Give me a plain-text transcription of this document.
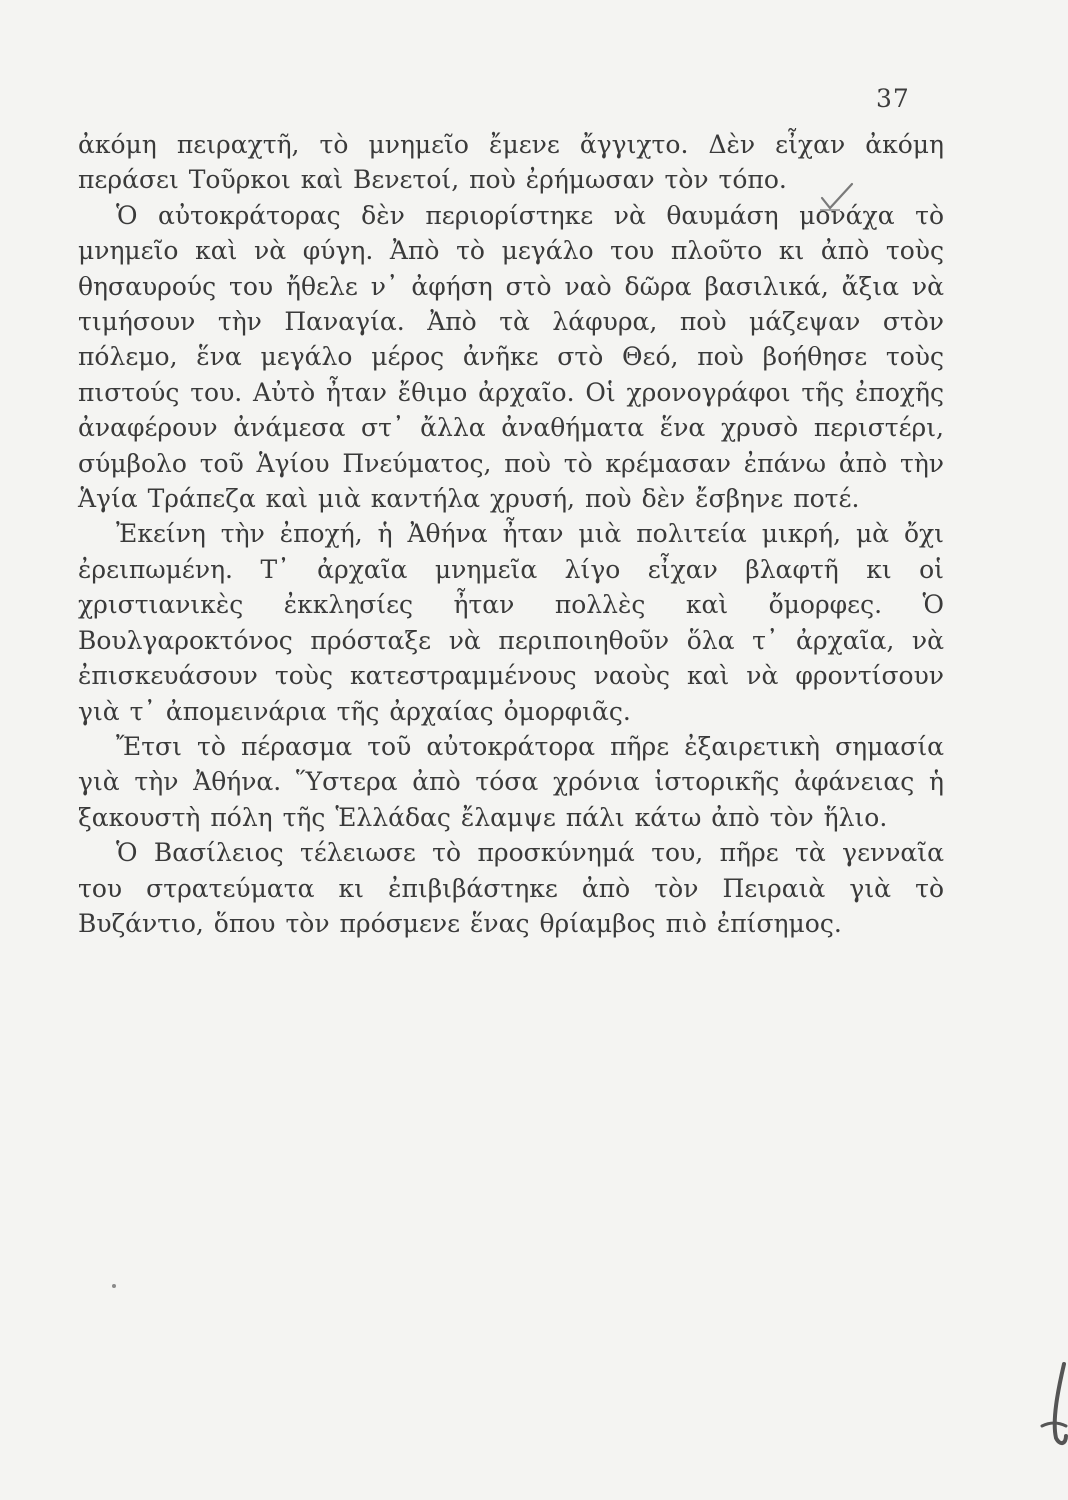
37

ἀκόμη πειραχτῆ, τὸ μνημεῖο ἔμενε ἄγγιχτο. Δὲν εἶχαν ἀκόμη περάσει Τοῦρκοι καὶ Βενετοί, ποὺ ἐρήμωσαν τὸν τόπο.

Ὁ αὐτοκράτορας δὲν περιορίστηκε νὰ θαυμάση μονάχα τὸ μνημεῖο καὶ νὰ φύγη. Ἀπὸ τὸ μεγάλο του πλοῦτο κι ἀπὸ τοὺς θησαυρούς του ἤθελε ν᾿ ἀφήση στὸ ναὸ δῶρα βασιλικά, ἄξια νὰ τιμήσουν τὴν Παναγία. Ἀπὸ τὰ λάφυρα, ποὺ μάζεψαν στὸν πόλεμο, ἕνα μεγάλο μέρος ἀνῆκε στὸ Θεό, ποὺ βοήθησε τοὺς πιστούς του. Αὐτὸ ἦταν ἔθιμο ἀρχαῖο. Οἱ χρονογράφοι τῆς ἐποχῆς ἀναφέρουν ἀνάμεσα στ᾿ ἄλλα ἀναθήματα ἕνα χρυσὸ περιστέρι, σύμβολο τοῦ Ἁγίου Πνεύματος, ποὺ τὸ κρέμασαν ἐπάνω ἀπὸ τὴν Ἁγία Τράπεζα καὶ μιὰ καντήλα χρυσή, ποὺ δὲν ἔσβηνε ποτέ.

Ἐκείνη τὴν ἐποχή, ἡ Ἀθήνα ἦταν μιὰ πολιτεία μικρή, μὰ ὄχι ἐρειπωμένη. Τ᾿ ἀρχαῖα μνημεῖα λίγο εἶχαν βλαφτῆ κι οἱ χριστιανικὲς ἐκκλησίες ἦταν πολλὲς καὶ ὄμορφες. Ὁ Βουλγαροκτόνος πρόσταξε νὰ περιποιηθοῦν ὅλα τ᾿ ἀρχαῖα, νὰ ἐπισκευάσουν τοὺς κατεστραμμένους ναοὺς καὶ νὰ φροντίσουν γιὰ τ᾿ ἀπομεινάρια τῆς ἀρχαίας ὀμορφιᾶς.

Ἔτσι τὸ πέρασμα τοῦ αὐτοκράτορα πῆρε ἐξαιρετικὴ σημασία γιὰ τὴν Ἀθήνα. Ὕστερα ἀπὸ τόσα χρόνια ἱστορικῆς ἀφάνειας ἡ ξακουστὴ πόλη τῆς Ἑλλάδας ἔλαμψε πάλι κάτω ἀπὸ τὸν ἥλιο.

Ὁ Βασίλειος τέλειωσε τὸ προσκύνημά του, πῆρε τὰ γενναῖα του στρατεύματα κι ἐπιβιβάστηκε ἀπὸ τὸν Πειραιὰ γιὰ τὸ Βυζάντιο, ὅπου τὸν πρόσμενε ἕνας θρίαμβος πιὸ ἐπίσημος.
